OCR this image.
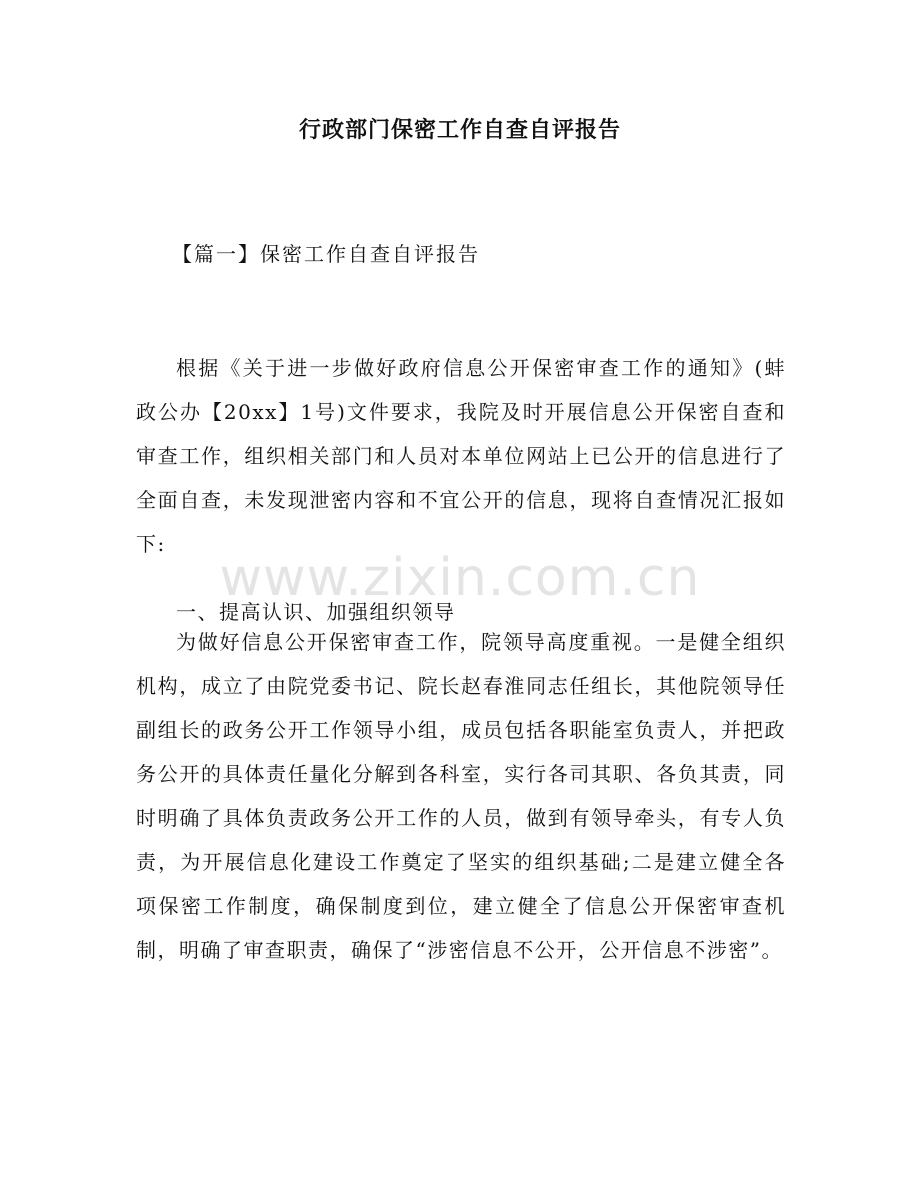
行政部门保密工作自查自评报告
【篇一】保密工作自查自评报告
根据《关于进一步做好政府信息公开保密审查工作的通知》(蚌政公办【20xx】1号)文件要求，我院及时开展信息公开保密自查和审查工作，组织相关部门和人员对本单位网站上已公开的信息进行了全面自查，未发现泄密内容和不宜公开的信息，现将自查情况汇报如下:
一、提高认识、加强组织领导
为做好信息公开保密审查工作，院领导高度重视。一是健全组织机构，成立了由院党委书记、院长赵春淮同志任组长，其他院领导任副组长的政务公开工作领导小组，成员包括各职能室负责人，并把政务公开的具体责任量化分解到各科室，实行各司其职、各负其责，同时明确了具体负责政务公开工作的人员，做到有领导牵头，有专人负责，为开展信息化建设工作奠定了坚实的组织基础;二是建立健全各项保密工作制度，确保制度到位，建立健全了信息公开保密审查机制，明确了审查职责，确保了“涉密信息不公开，公开信息不涉密”。
www.zixin.com.cn
